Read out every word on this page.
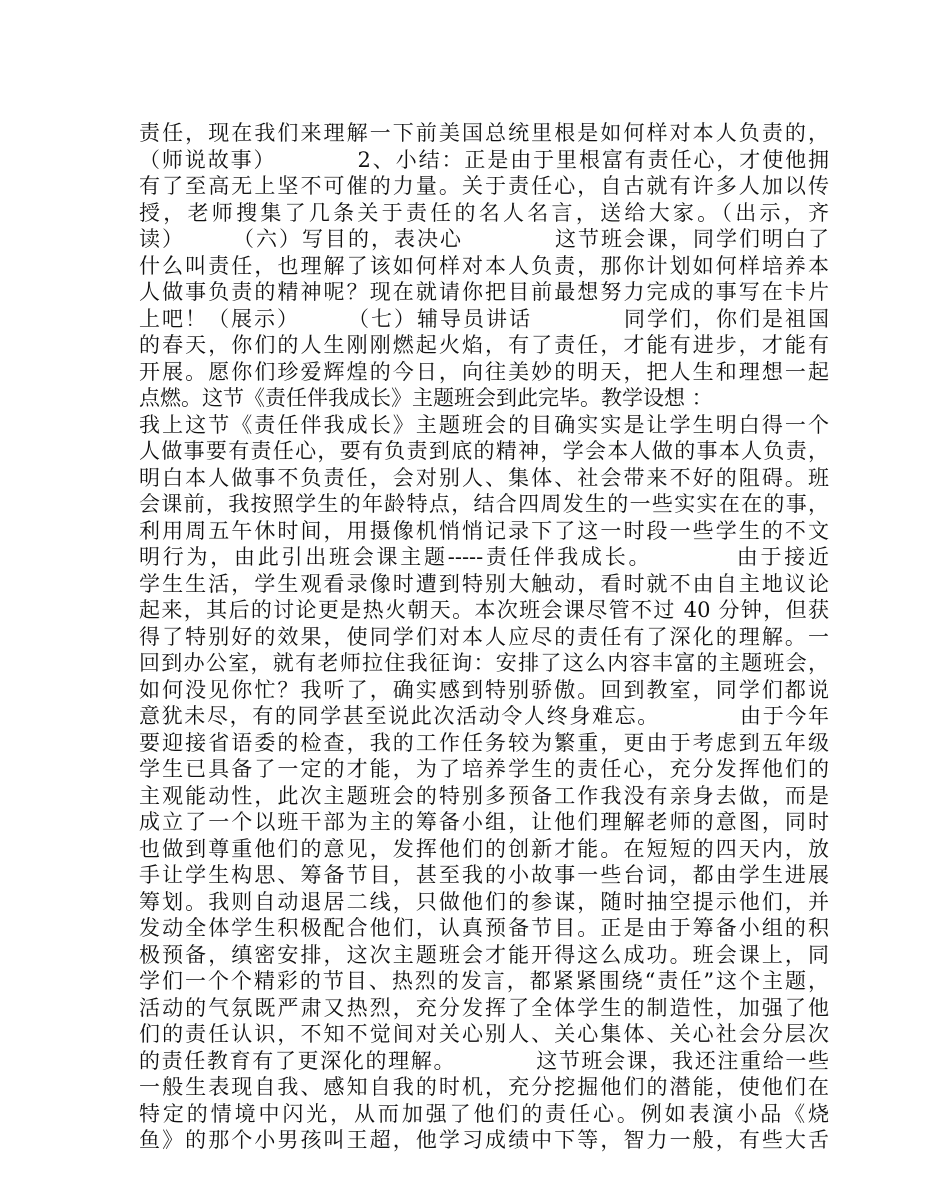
责任，现在我们来理解一下前美国总统里根是如何样对本人负责的，
（师说故事）　　　　2、小结：正是由于里根富有责任心，才使他拥
有了至高无上坚不可催的力量。关于责任心，自古就有许多人加以传
授，老师搜集了几条关于责任的名人名言，送给大家。（出示，齐
读）　　　（六）写目的，表决心　　　　这节班会课，同学们明白了
什么叫责任，也理解了该如何样对本人负责，那你计划如何样培养本
人做事负责的精神呢？现在就请你把目前最想努力完成的事写在卡片
上吧！（展示）　　　（七）辅导员讲话　　　　同学们，你们是祖国
的春天，你们的人生刚刚燃起火焰，有了责任，才能有进步，才能有
开展。愿你们珍爱辉煌的今日，向往美妙的明天，把人生和理想一起
点燃。这节《责任伴我成长》主题班会到此完毕。教学设想 ：
我上这节《责任伴我成长》主题班会的目确实实是让学生明白得一个
人做事要有责任心，要有负责到底的精神，学会本人做的事本人负责，
明白本人做事不负责任，会对别人、集体、社会带来不好的阻碍。班
会课前，我按照学生的年龄特点，结合四周发生的一些实实在在的事，
利用周五午休时间，用摄像机悄悄记录下了这一时段一些学生的不文
明行为，由此引出班会课主题-----责任伴我成长。　　　　由于接近
学生生活，学生观看录像时遭到特别大触动，看时就不由自主地议论
起来，其后的讨论更是热火朝天。本次班会课尽管不过 40 分钟，但获
得了特别好的效果，使同学们对本人应尽的责任有了深化的理解。一
回到办公室，就有老师拉住我征询：安排了这么内容丰富的主题班会，
如何没见你忙？我听了，确实感到特别骄傲。回到教室，同学们都说
意犹未尽，有的同学甚至说此次活动令人终身难忘。　　　　由于今年
要迎接省语委的检查，我的工作任务较为繁重，更由于考虑到五年级
学生已具备了一定的才能，为了培养学生的责任心，充分发挥他们的
主观能动性，此次主题班会的特别多预备工作我没有亲身去做，而是
成立了一个以班干部为主的筹备小组，让他们理解老师的意图，同时
也做到尊重他们的意见，发挥他们的创新才能。在短短的四天内，放
手让学生构思、筹备节目，甚至我的小故事一些台词，都由学生进展
筹划。我则自动退居二线，只做他们的参谋，随时抽空提示他们，并
发动全体学生积极配合他们，认真预备节目。正是由于筹备小组的积
极预备，缜密安排，这次主题班会才能开得这么成功。班会课上，同
学们一个个精彩的节目、热烈的发言，都紧紧围绕“责任”这个主题，
活动的气氛既严肃又热烈，充分发挥了全体学生的制造性，加强了他
们的责任认识，不知不觉间对关心别人、关心集体、关心社会分层次
的责任教育有了更深化的理解。　　　　这节班会课，我还注重给一些
一般生表现自我、感知自我的时机，充分挖掘他们的潜能，使他们在
特定的情境中闪光，从而加强了他们的责任心。例如表演小品《烧
鱼》的那个小男孩叫王超，他学习成绩中下等，智力一般，有些大舌
